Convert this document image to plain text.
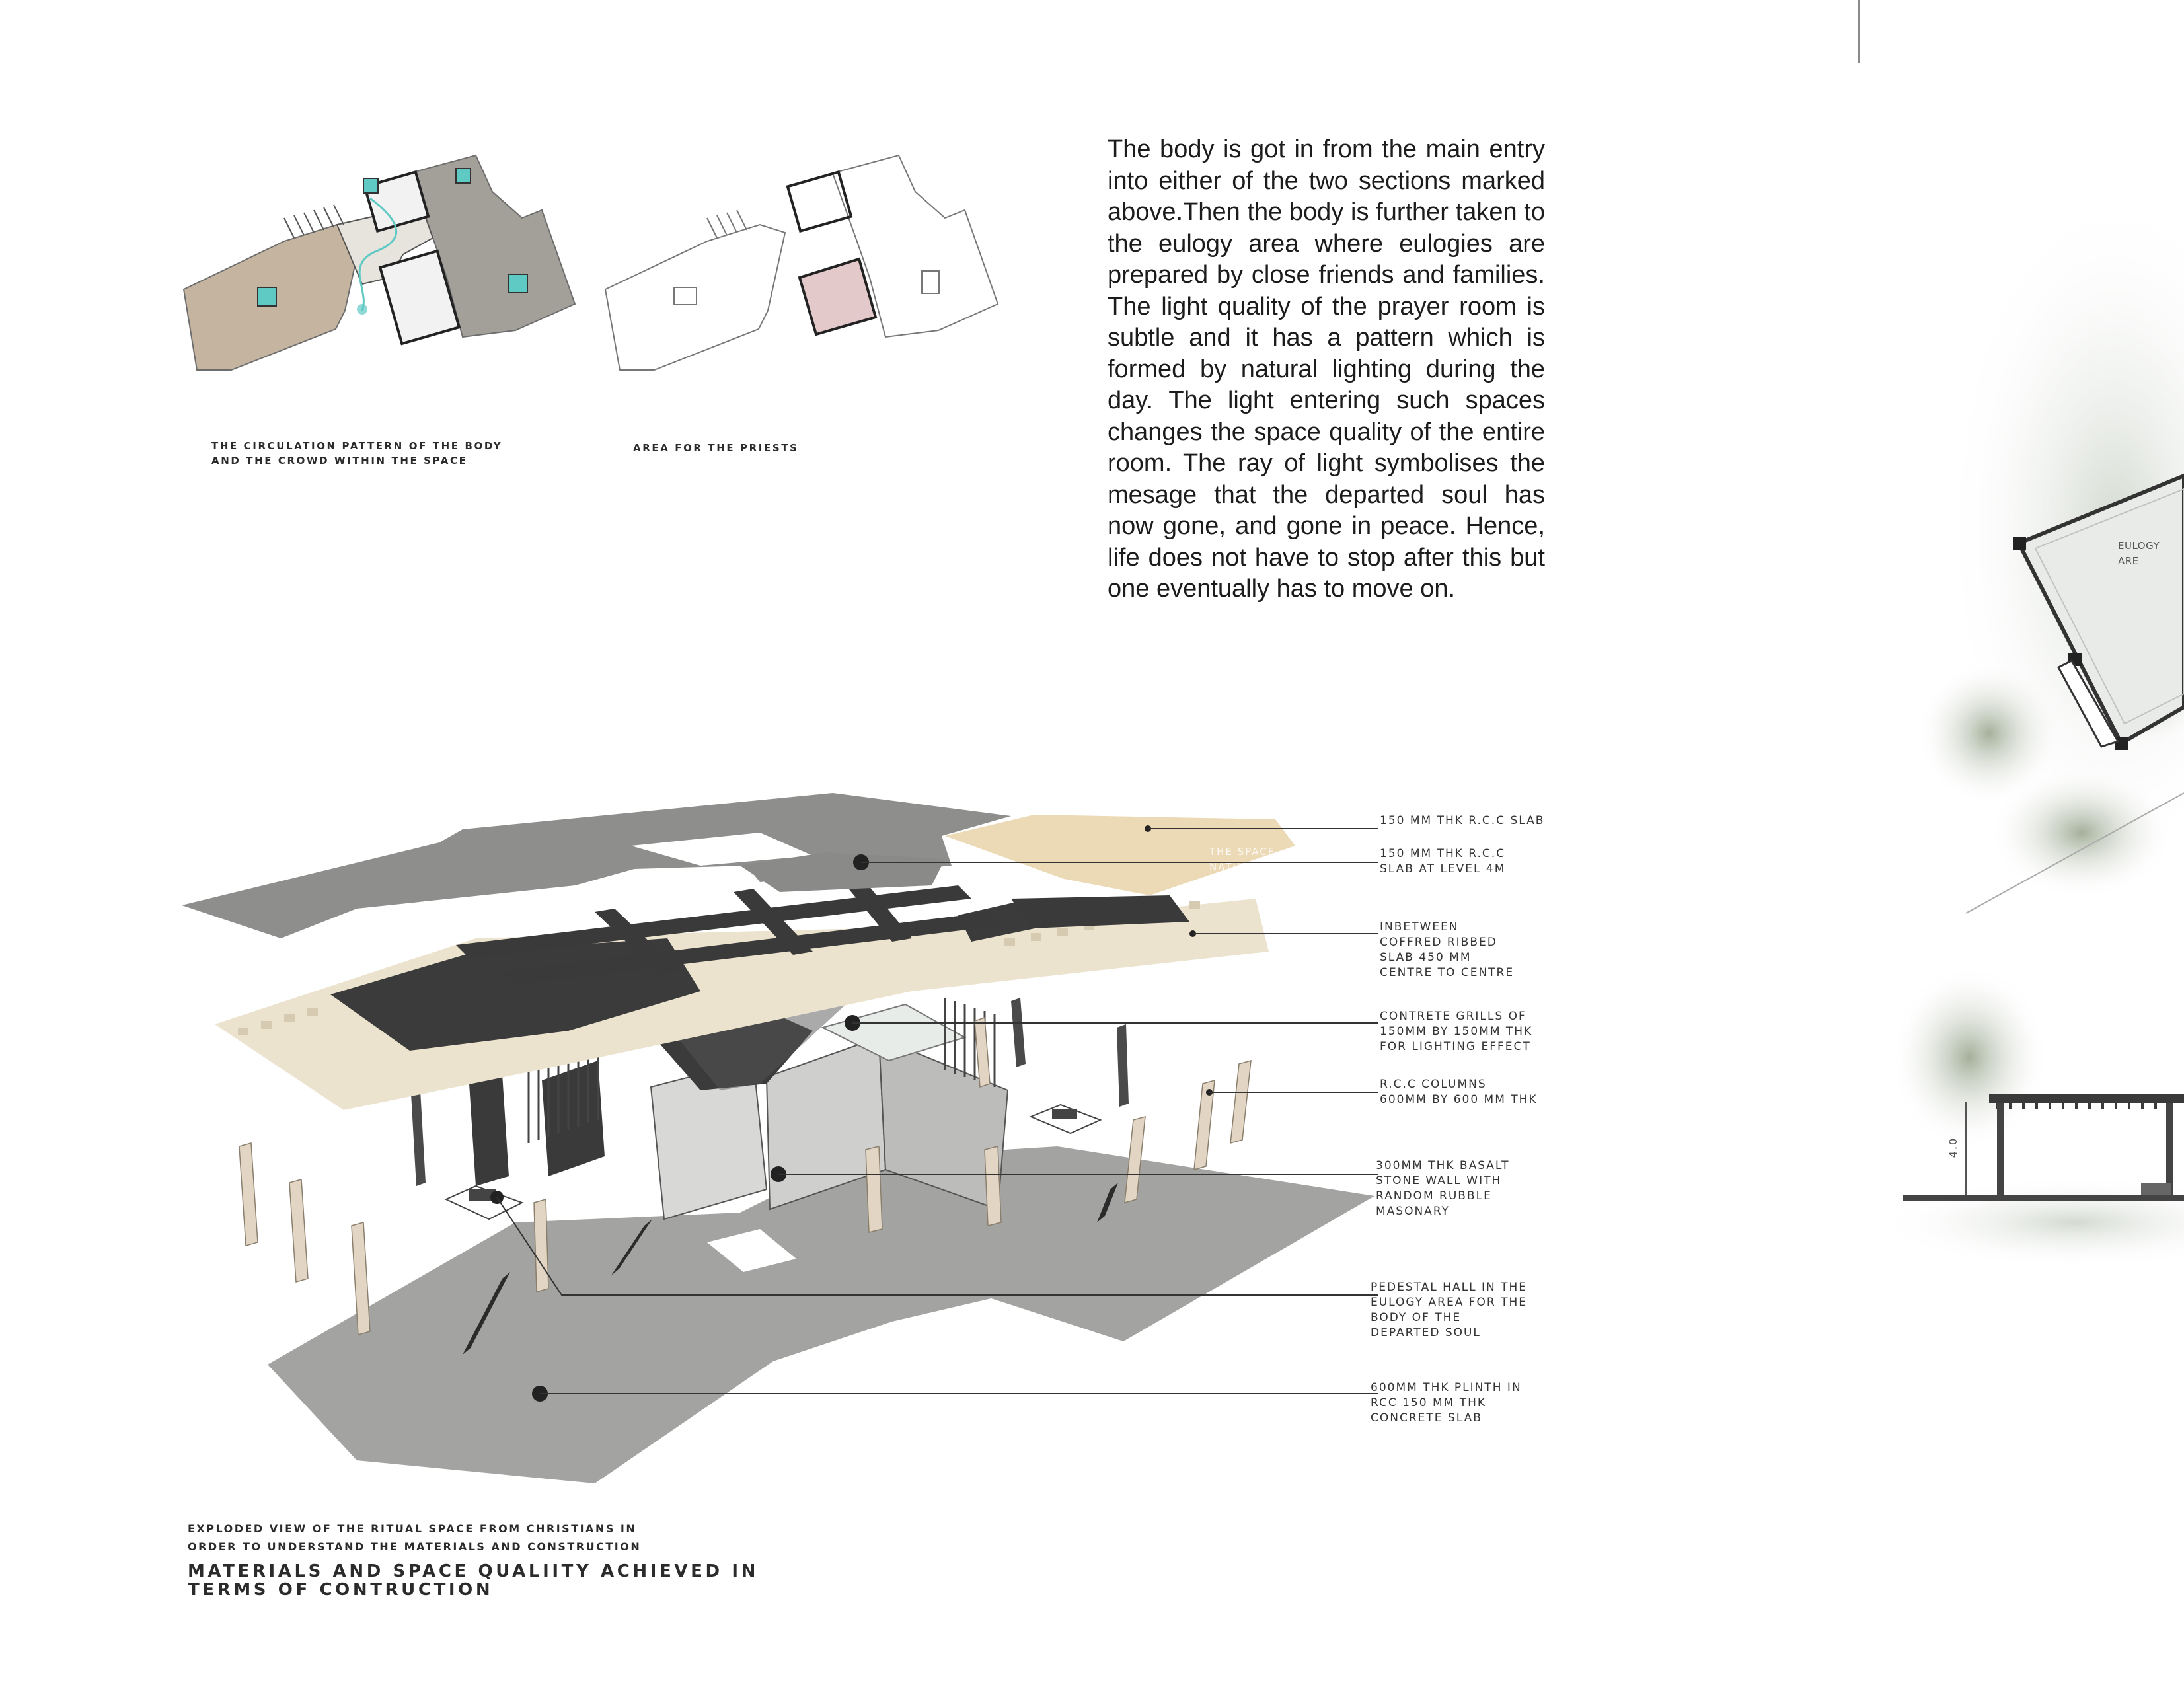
THE CIRCULATION PATTERN OF THE BODY
AND THE CROWD WITHIN THE SPACE
AREA FOR THE PRIESTS
The body is got in from the main entry into either of the two sections marked above.Then the body is further taken to the eulogy area where eulogies are prepared by close friends and families. The light quality of the prayer room is subtle and it has a pattern which is formed by natural lighting during the day. The light entering such spaces changes the space quality of the entire room. The ray of light symbolises the mesage that the departed soul has now gone, and gone in peace. Hence, life does not have to stop after this but one eventually has to move on.
THE SPACE
NATURAL
150 MM THK R.C.C SLAB
150 MM THK R.C.C
SLAB AT LEVEL 4M
INBETWEEN
COFFRED RIBBED
SLAB 450 MM
CENTRE TO CENTRE
CONTRETE GRILLS OF
150MM BY 150MM THK
FOR LIGHTING EFFECT
R.C.C COLUMNS
600MM BY 600 MM THK
300MM THK BASALT
STONE WALL WITH
RANDOM RUBBLE
MASONARY
PEDESTAL HALL IN THE
EULOGY AREA FOR THE
BODY OF THE
DEPARTED SOUL
600MM THK PLINTH IN
RCC 150 MM THK
CONCRETE SLAB
EXPLODED VIEW OF THE RITUAL SPACE FROM CHRISTIANS IN
ORDER TO UNDERSTAND THE MATERIALS AND CONSTRUCTION
MATERIALS AND SPACE QUALIITY ACHIEVED IN
TERMS OF CONTRUCTION
EULOGY ARE
4.0
